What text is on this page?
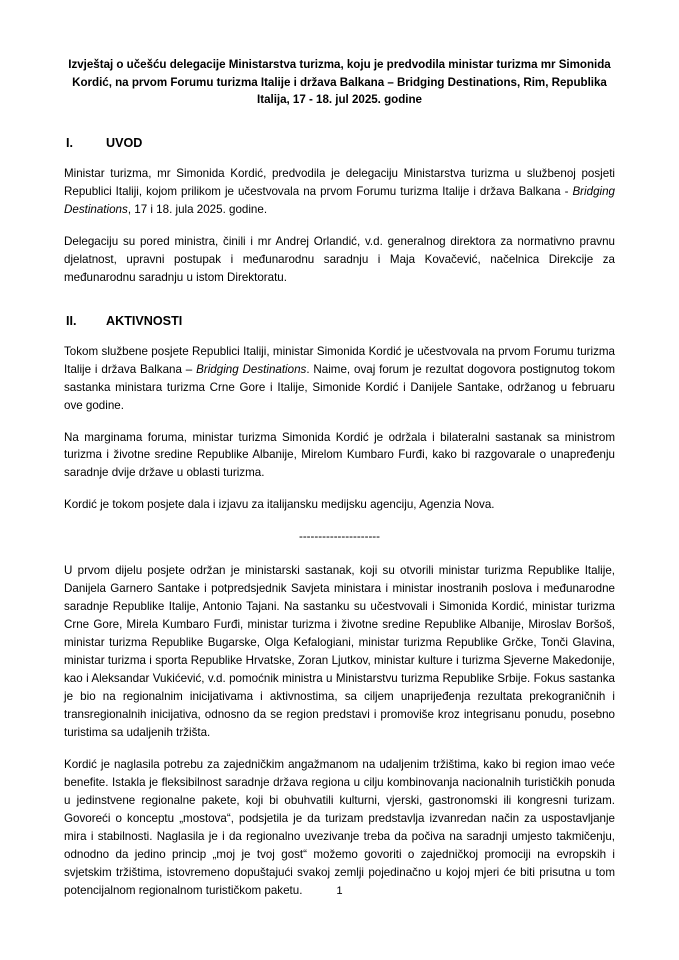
Izvještaj o učešću delegacije Ministarstva turizma, koju je predvodila ministar turizma mr Simonida Kordić, na prvom Forumu turizma Italije i država Balkana – Bridging Destinations, Rim, Republika Italija, 17 - 18. jul 2025. godine
I.	UVOD

Ministar turizma, mr Simonida Kordić, predvodila je delegaciju Ministarstva turizma u službenoj posjeti Republici Italiji, kojom prilikom je učestvovala na prvom Forumu turizma Italije i država Balkana - Bridging Destinations, 17 i 18. jula 2025. godine.

Delegaciju su pored ministra, činili i mr Andrej Orlandić, v.d. generalnog direktora za normativno pravnu djelatnost, upravni postupak i međunarodnu saradnju i Maja Kovačević, načelnica Direkcije za međunarodnu saradnju u istom Direktoratu.

II.	AKTIVNOSTI

Tokom službene posjete Republici Italiji, ministar Simonida Kordić je učestvovala na prvom Forumu turizma Italije i država Balkana – Bridging Destinations. Naime, ovaj forum je rezultat dogovora postignutog tokom sastanka ministara turizma Crne Gore i Italije, Simonide Kordić i Danijele Santake, održanog u februaru ove godine.

Na marginama foruma, ministar turizma Simonida Kordić je održala i bilateralni sastanak sa ministrom turizma i životne sredine Republike Albanije, Mirelom Kumbaro Furđi, kako bi razgovarale o unapređenju saradnje dvije države u oblasti turizma.

Kordić je tokom posjete dala i izjavu za italijansku medijsku agenciju, Agenzia Nova.

---------------------

U prvom dijelu posjete održan je ministarski sastanak, koji su otvorili ministar turizma Republike Italije, Danijela Garnero Santake i potpredsjednik Savjeta ministara i ministar inostranih poslova i međunarodne saradnje Republike Italije, Antonio Tajani. Na sastanku su učestvovali i Simonida Kordić, ministar turizma Crne Gore, Mirela Kumbaro Furđi, ministar turizma i životne sredine Republike Albanije, Miroslav Boršoš, ministar turizma Republike Bugarske, Olga Kefalogiani, ministar turizma Republike Grčke, Tonči Glavina, ministar turizma i sporta Republike Hrvatske, Zoran Ljutkov, ministar kulture i turizma Sjeverne Makedonije, kao i Aleksandar Vukićević, v.d. pomoćnik ministra u Ministarstvu turizma Republike Srbije. Fokus sastanka je bio na regionalnim inicijativama i aktivnostima, sa ciljem unaprijeđenja rezultata prekograničnih i transregionalnih inicijativa, odnosno da se region predstavi i promoviše kroz integrisanu ponudu, posebno turistima sa udaljenih tržišta.

Kordić je naglasila potrebu za zajedničkim angažmanom na udaljenim tržištima, kako bi region imao veće benefite. Istakla je fleksibilnost saradnje država regiona u cilju kombinovanja nacionalnih turističkih ponuda u jedinstvene regionalne pakete, koji bi obuhvatili kulturni, vjerski, gastronomski ili kongresni turizam. Govoreći o konceptu „mostova“, podsjetila je da turizam predstavlja izvanredan način za uspostavljanje mira i stabilnosti. Naglasila je i da regionalno uvezivanje treba da počiva na saradnji umjesto takmičenju, odnodno da jedino princip „moj je tvoj gost“ možemo govoriti o zajedničkoj promociji na evropskih i svjetskim tržištima, istovremeno dopuštajući svakoj zemlji pojedinačno u kojoj mjeri će biti prisutna u tom potencijalnom regionalnom turističkom paketu.	1
